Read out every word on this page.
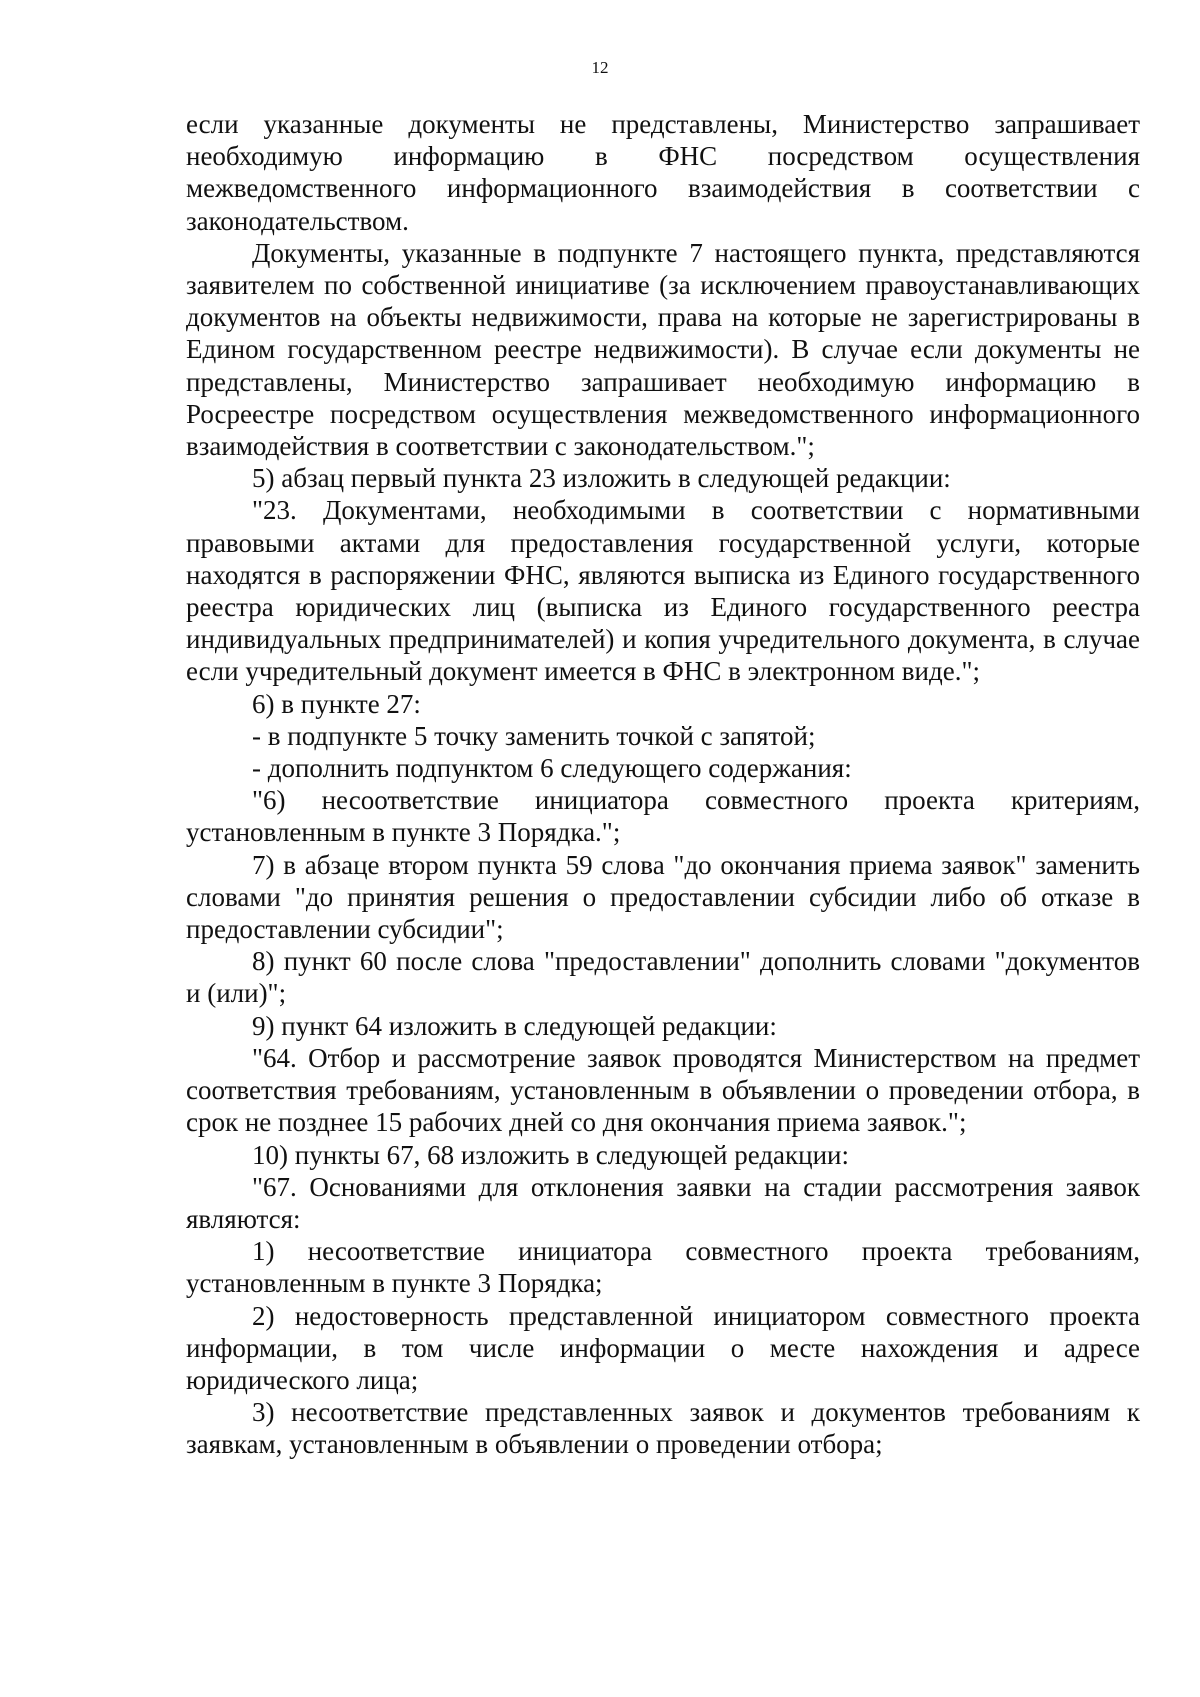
12

если указанные документы не представлены, Министерство запрашивает необходимую информацию в ФНС посредством осуществления межведомственного информационного взаимодействия в соответствии с законодательством.

Документы, указанные в подпункте 7 настоящего пункта, представляются заявителем по собственной инициативе (за исключением правоустанавливающих документов на объекты недвижимости, права на которые не зарегистрированы в Едином государственном реестре недвижимости). В случае если документы не представлены, Министерство запрашивает необходимую информацию в Росреестре посредством осуществления межведомственного информационного взаимодействия в соответствии с законодательством.";

5) абзац первый пункта 23 изложить в следующей редакции:

"23. Документами, необходимыми в соответствии с нормативными правовыми актами для предоставления государственной услуги, которые находятся в распоряжении ФНС, являются выписка из Единого государственного реестра юридических лиц (выписка из Единого государственного реестра индивидуальных предпринимателей) и копия учредительного документа, в случае если учредительный документ имеется в ФНС в электронном виде.";

6) в пункте 27:

- в подпункте 5 точку заменить точкой с запятой;

- дополнить подпунктом 6 следующего содержания:

"6) несоответствие инициатора совместного проекта критериям, установленным в пункте 3 Порядка.";

7) в абзаце втором пункта 59 слова "до окончания приема заявок" заменить словами "до принятия решения о предоставлении субсидии либо об отказе в предоставлении субсидии";

8) пункт 60 после слова "предоставлении" дополнить словами "документов и (или)";

9) пункт 64 изложить в следующей редакции:

"64. Отбор и рассмотрение заявок проводятся Министерством на предмет соответствия требованиям, установленным в объявлении о проведении отбора, в срок не позднее 15 рабочих дней со дня окончания приема заявок.";

10) пункты 67, 68 изложить в следующей редакции:

"67. Основаниями для отклонения заявки на стадии рассмотрения заявок являются:

1) несоответствие инициатора совместного проекта требованиям, установленным в пункте 3 Порядка;

2) недостоверность представленной инициатором совместного проекта информации, в том числе информации о месте нахождения и адресе юридического лица;

3) несоответствие представленных заявок и документов требованиям к заявкам, установленным в объявлении о проведении отбора;
